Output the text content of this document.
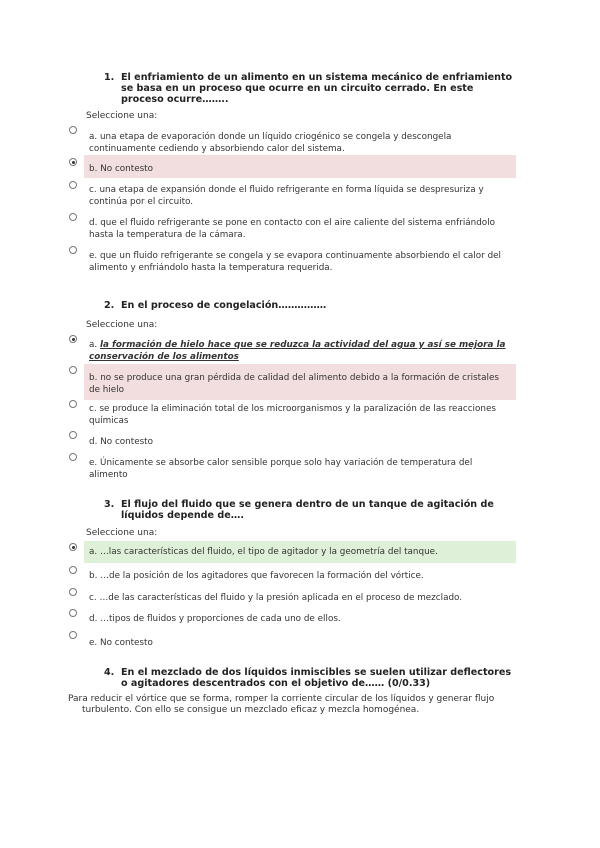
1. El enfriamiento de un alimento en un sistema mecánico de enfriamiento se basa en un proceso que ocurre en un circuito cerrado. En este proceso ocurre……..
Seleccione una:
a. una etapa de evaporación donde un líquido criogénico se congela y descongela continuamente cediendo y absorbiendo calor del sistema.
b. No contesto
c. una etapa de expansión donde el fluido refrigerante en forma líquida se despresuriza y continúa por el circuito.
d. que el fluido refrigerante se pone en contacto con el aire caliente del sistema enfriándolo hasta la temperatura de la cámara.
e. que un fluido refrigerante se congela y se evapora continuamente absorbiendo el calor del alimento y enfriándolo hasta la temperatura requerida.
2. En el proceso de congelación……………
Seleccione una:
a. la formación de hielo hace que se reduzca la actividad del agua y así se mejora la conservación de los alimentos
b. no se produce una gran pérdida de calidad del alimento debido a la formación de cristales de hielo
c. se produce la eliminación total de los microorganismos y la paralización de las reacciones químicas
d. No contesto
e. Únicamente se absorbe calor sensible porque solo hay variación de temperatura del alimento
3. El flujo del fluido que se genera dentro de un tanque de agitación de líquidos depende de….
Seleccione una:
a. …las características del fluido, el tipo de agitador y la geometría del tanque.
b. …de la posición de los agitadores que favorecen la formación del vórtice.
c. …de las características del fluido y la presión aplicada en el proceso de mezclado.
d. …tipos de fluidos y proporciones de cada uno de ellos.
e. No contesto
4. En el mezclado de dos líquidos inmiscibles se suelen utilizar deflectores o agitadores descentrados con el objetivo de…… (0/0.33)
Para reducir el vórtice que se forma, romper la corriente circular de los líquidos y generar flujo turbulento. Con ello se consigue un mezclado eficaz y mezcla homogénea.
